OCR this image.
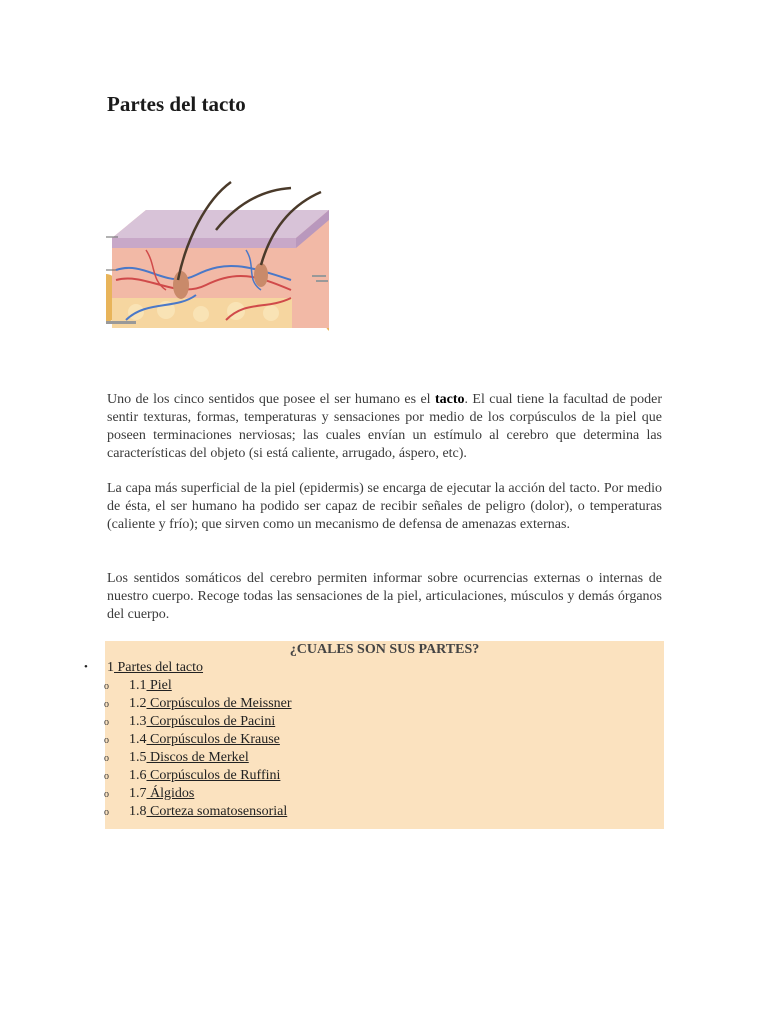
Partes del tacto

Uno de los cinco sentidos que posee el ser humano es el tacto. El cual tiene la facultad de poder sentir texturas, formas, temperaturas y sensaciones por medio de los corpúsculos de la piel que poseen terminaciones nerviosas; las cuales envían un estímulo al cerebro que determina las características del objeto (si está caliente, arrugado, áspero, etc).

La capa más superficial de la piel (epidermis) se encarga de ejecutar la acción del tacto. Por medio de ésta, el ser humano ha podido ser capaz de recibir señales de peligro (dolor), o temperaturas (caliente y frío); que sirven como un mecanismo de defensa de amenazas externas.

Los sentidos somáticos del cerebro permiten informar sobre ocurrencias externas o internas de nuestro cuerpo. Recoge todas las sensaciones de la piel, articulaciones, músculos y demás órganos del cuerpo.

¿CUALES SON SUS PARTES?
• 1 Partes del tacto
o 1.1 Piel
o 1.2 Corpúsculos de Meissner
o 1.3 Corpúsculos de Pacini
o 1.4 Corpúsculos de Krause
o 1.5 Discos de Merkel
o 1.6 Corpúsculos de Ruffini
o 1.7 Álgidos
o 1.8 Corteza somatosensorial
